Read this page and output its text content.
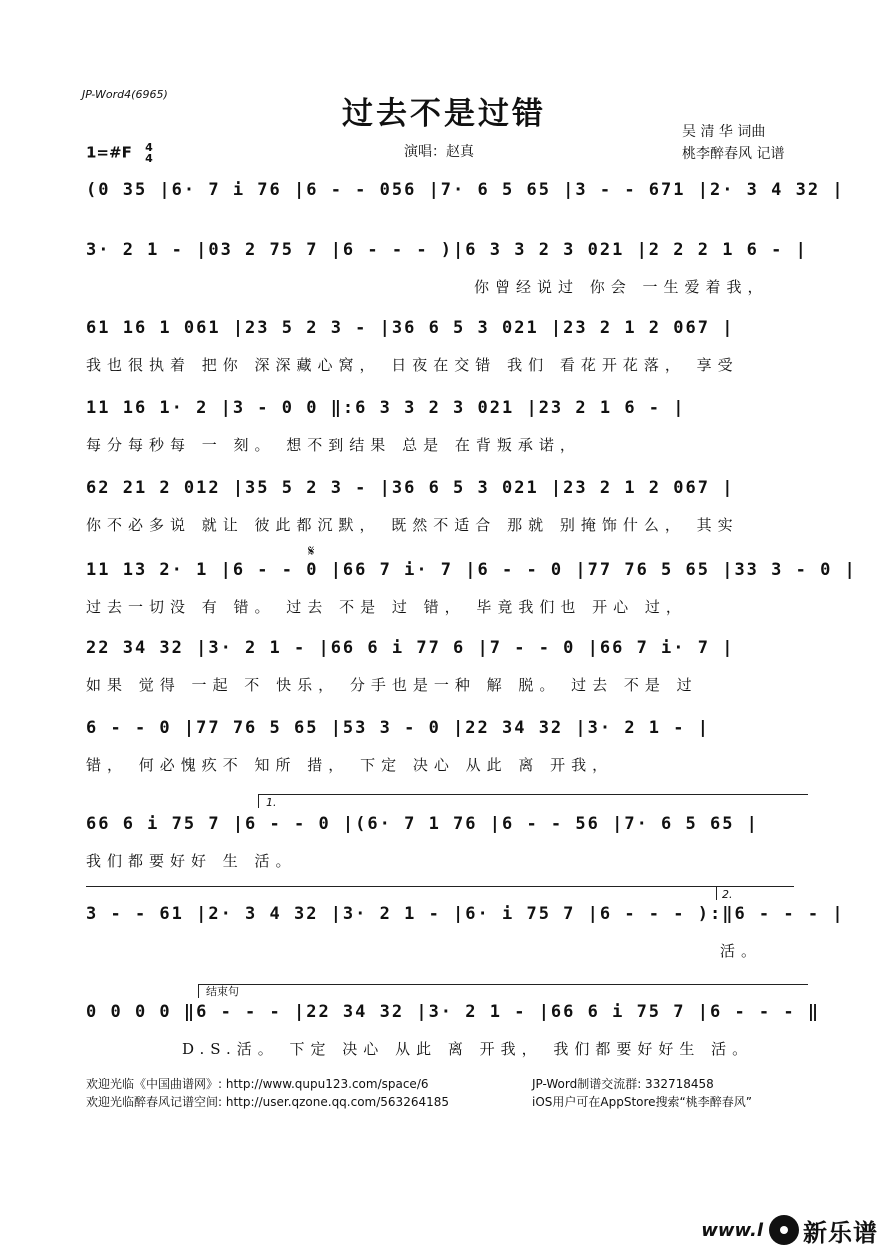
JP-Word4(6965)
过去不是过错	吴 清 华 词曲
桃李醉春风 记谱
1=#F 4
4	演唱：赵真
(0 35 |6· 7 i 76 |6 - - 056 |7· 6 5 65 |3 - - 671 |2· 3 4 32 |
3· 2 1 - |03 2 75 7 |6 - - - )|6 3 3 2 3 021 |2 2 2 1 6 - |
你曾经说过 你会 一生爱着我，
61 16 1 061 |23 5 2 3 - |36 6 5 3 021 |23 2 1 2 067 |
我也很执着 把你 深深藏心窝， 日夜在交错 我们 看花开花落， 享受
11 16 1· 2 |3 - 0 0 ‖:6 3 3 2 3 021 |23 2 1 6 - |
每分每秒每 一 刻。 想不到结果 总是 在背叛承诺，
62 21 2 012 |35 5 2 3 - |36 6 5 3 021 |23 2 1 2 067 |
你不必多说 就让 彼此都沉默， 既然不适合 那就 别掩饰什么， 其实
𝄋
11 13 2· 1 |6 - - 0 |66 7 i· 7 |6 - - 0 |77 76 5 65 |33 3 - 0 |
过去一切没 有 错。 过去 不是 过 错， 毕竟我们也 开心 过，
22 34 32 |3· 2 1 - |66 6 i 77 6 |7 - - 0 |66 7 i· 7 |
如果 觉得 一起 不 快乐， 分手也是一种 解 脱。 过去 不是 过
6 - - 0 |77 76 5 65 |53 3 - 0 |22 34 32 |3· 2 1 - |
错， 何必愧疚不 知所 措， 下定 决心 从此 离 开我，
1.
66 6 i 75 7 |6 - - 0 |(6· 7 1 76 |6 - - 56 |7· 6 5 65 |
我们都要好好 生 活。
2.
3 - - 61 |2· 3 4 32 |3· 2 1 - |6· i 75 7 |6 - - - ):‖6 - - - |
活。
结束句
0 0 0 0 ‖6 - - - |22 34 32 |3· 2 1 - |66 6 i 75 7 |6 - - - ‖
D.S.活。 下定 决心 从此 离 开我， 我们都要好好生 活。
欢迎光临《中国曲谱网》: http://www.qupu123.com/space/6
欢迎光临醉春风记谱空间: http://user.qzone.qq.com/563264185
JP-Word制谱交流群: 332718458
iOS用户可在AppStore搜索“桃李醉春风”
www.l 新乐谱
